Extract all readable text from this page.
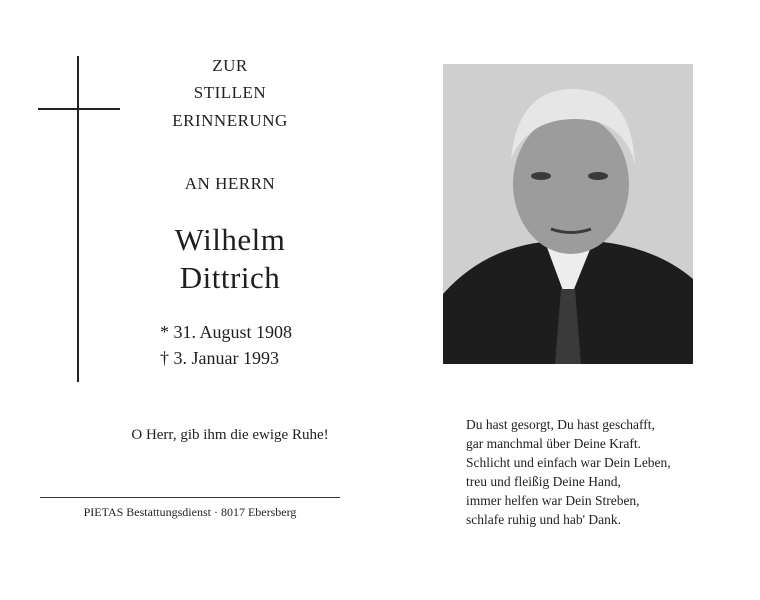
ZUR
STILLEN
ERINNERUNG
AN HERRN
Wilhelm
Dittrich
* 31. August 1908
† 3. Januar 1993
O Herr, gib ihm die ewige Ruhe!
PIETAS Bestattungsdienst · 8017 Ebersberg
Du hast gesorgt, Du hast geschafft,
gar manchmal über Deine Kraft.
Schlicht und einfach war Dein Leben,
treu und fleißig Deine Hand,
immer helfen war Dein Streben,
schlafe ruhig und hab' Dank.
